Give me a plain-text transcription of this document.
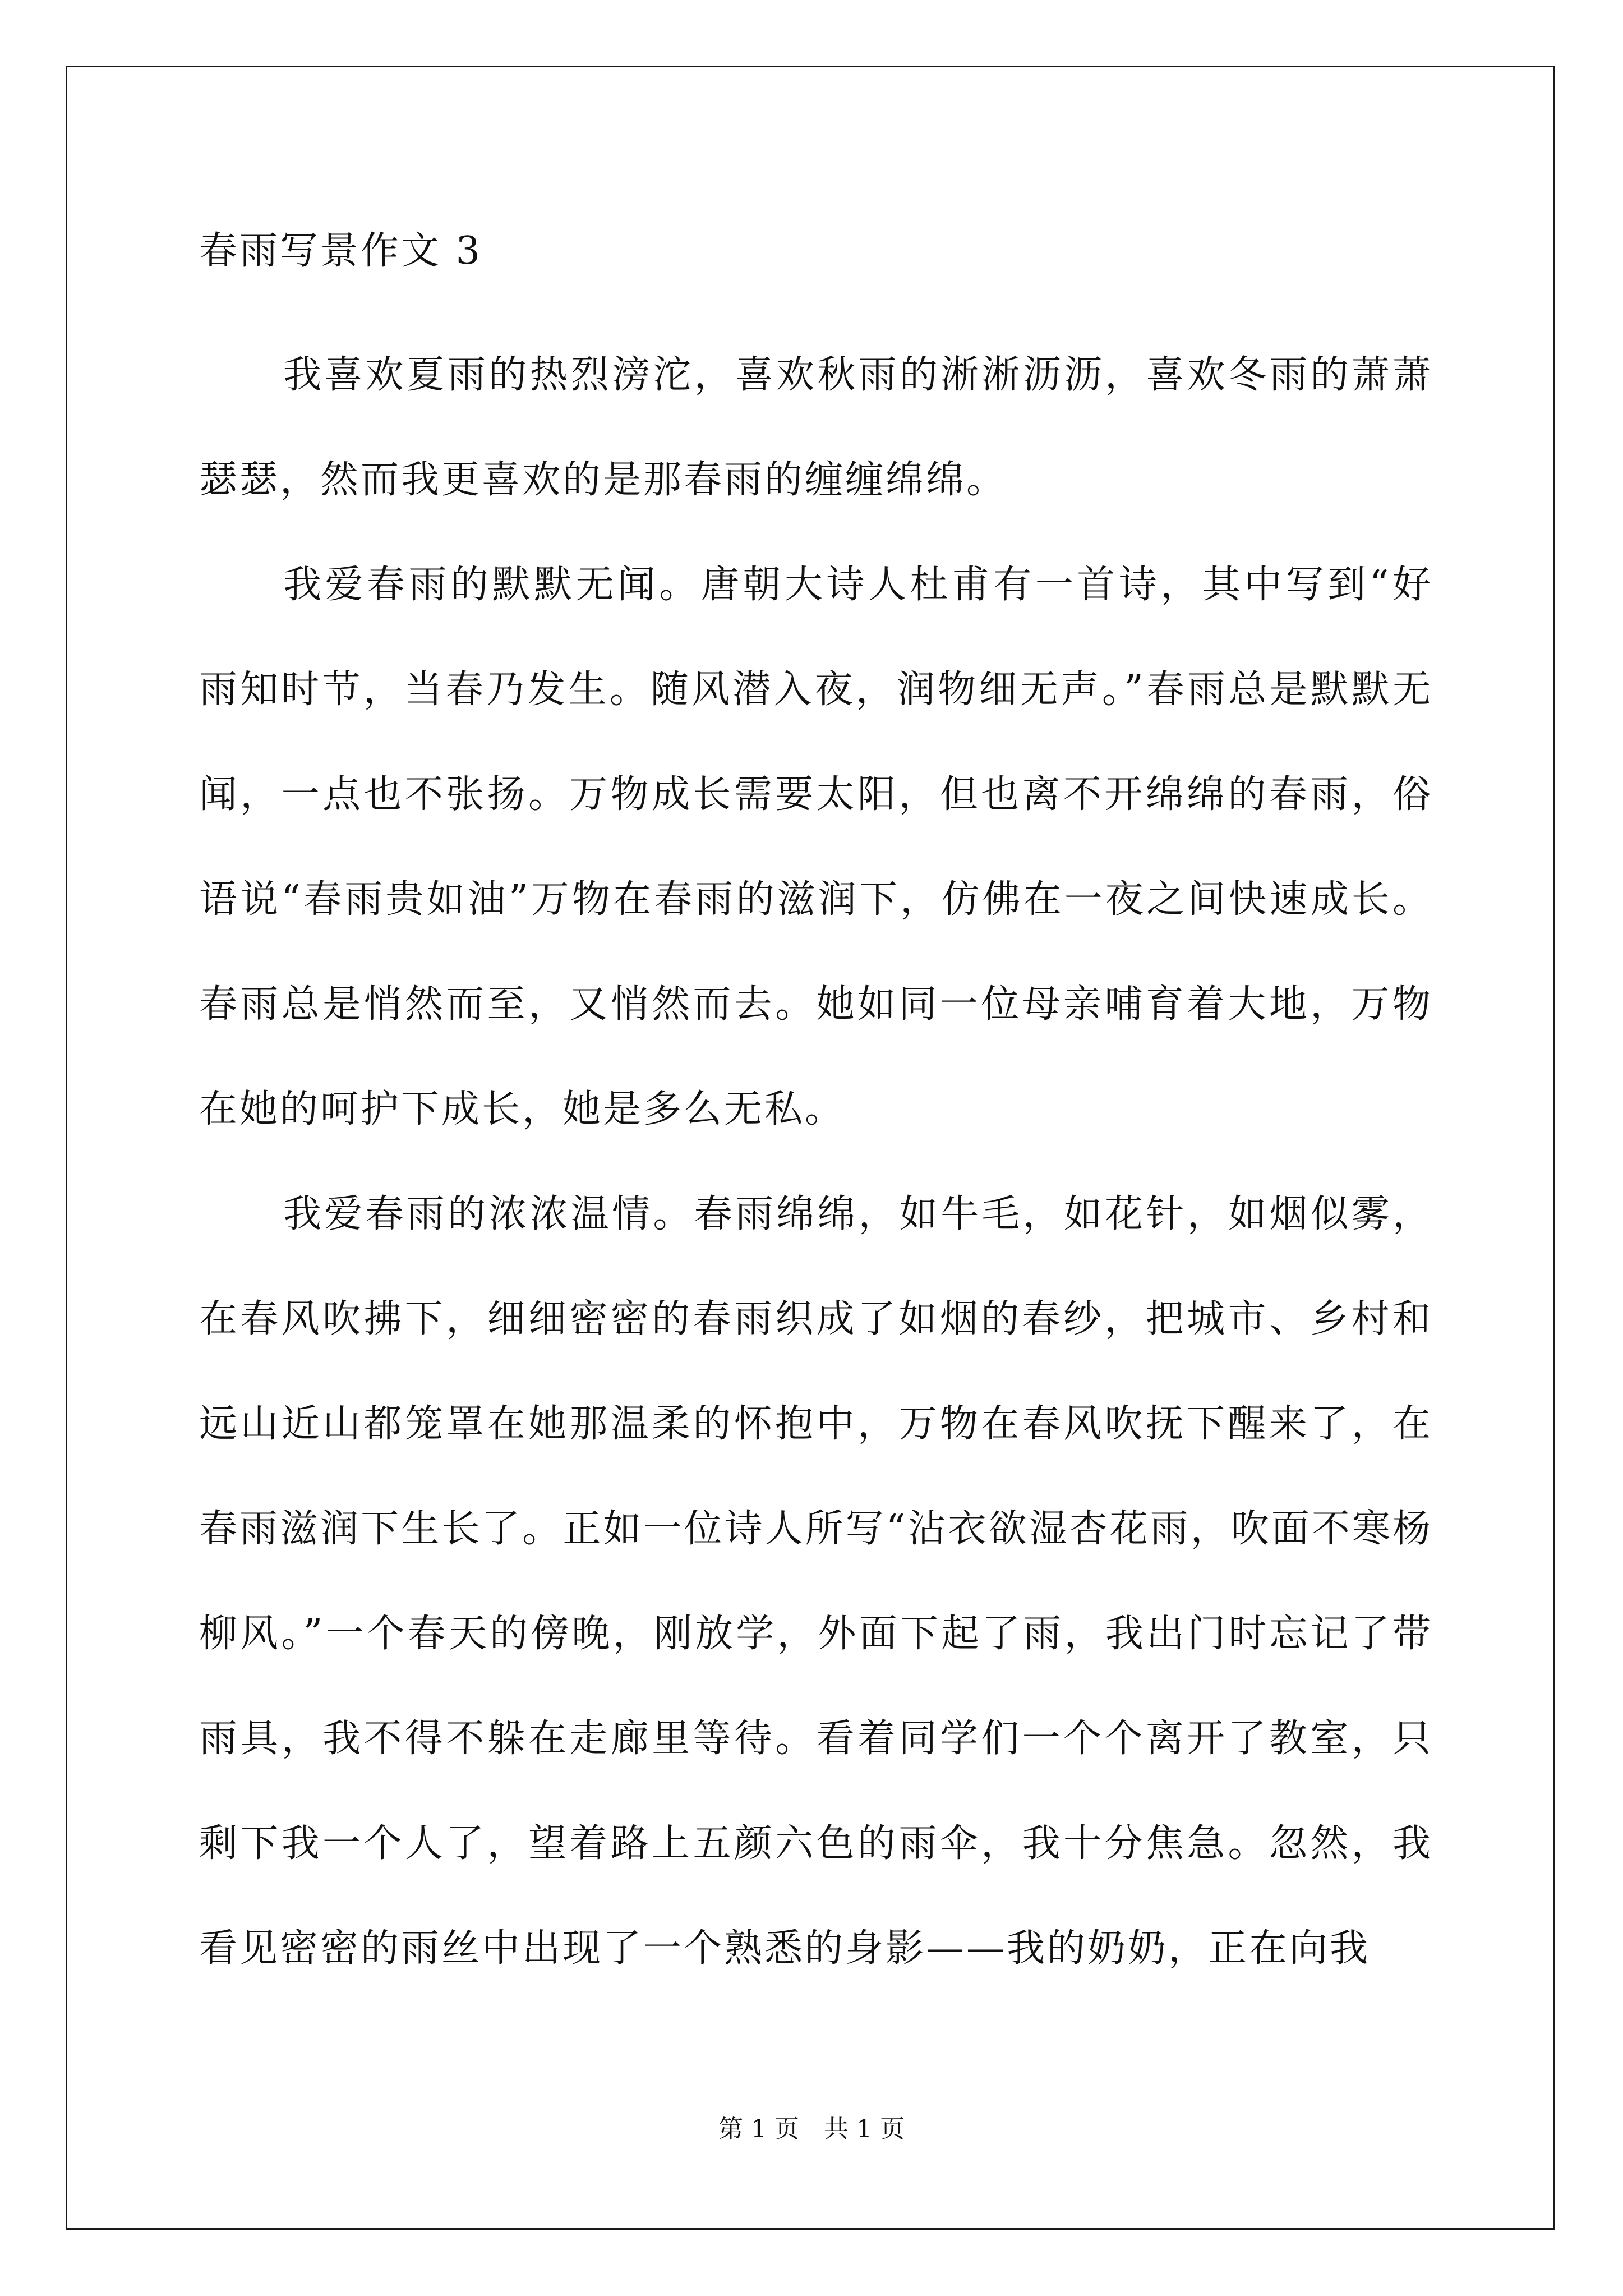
春雨写景作文 3

我喜欢夏雨的热烈滂沱，喜欢秋雨的淅淅沥沥，喜欢冬雨的萧萧瑟瑟，然而我更喜欢的是那春雨的缠缠绵绵。

我爱春雨的默默无闻。唐朝大诗人杜甫有一首诗，其中写到“好雨知时节，当春乃发生。随风潜入夜，润物细无声。”春雨总是默默无闻，一点也不张扬。万物成长需要太阳，但也离不开绵绵的春雨，俗语说“春雨贵如油”万物在春雨的滋润下，仿佛在一夜之间快速成长。春雨总是悄然而至，又悄然而去。她如同一位母亲哺育着大地，万物在她的呵护下成长，她是多么无私。

我爱春雨的浓浓温情。春雨绵绵，如牛毛，如花针，如烟似雾，在春风吹拂下，细细密密的春雨织成了如烟的春纱，把城市、乡村和远山近山都笼罩在她那温柔的怀抱中，万物在春风吹抚下醒来了，在春雨滋润下生长了。正如一位诗人所写“沾衣欲湿杏花雨，吹面不寒杨柳风。”一个春天的傍晚，刚放学，外面下起了雨，我出门时忘记了带雨具，我不得不躲在走廊里等待。看着同学们一个个离开了教室，只剩下我一个人了，望着路上五颜六色的雨伞，我十分焦急。忽然，我看见密密的雨丝中出现了一个熟悉的身影——我的奶奶，正在向我

第 1 页　共 1 页
